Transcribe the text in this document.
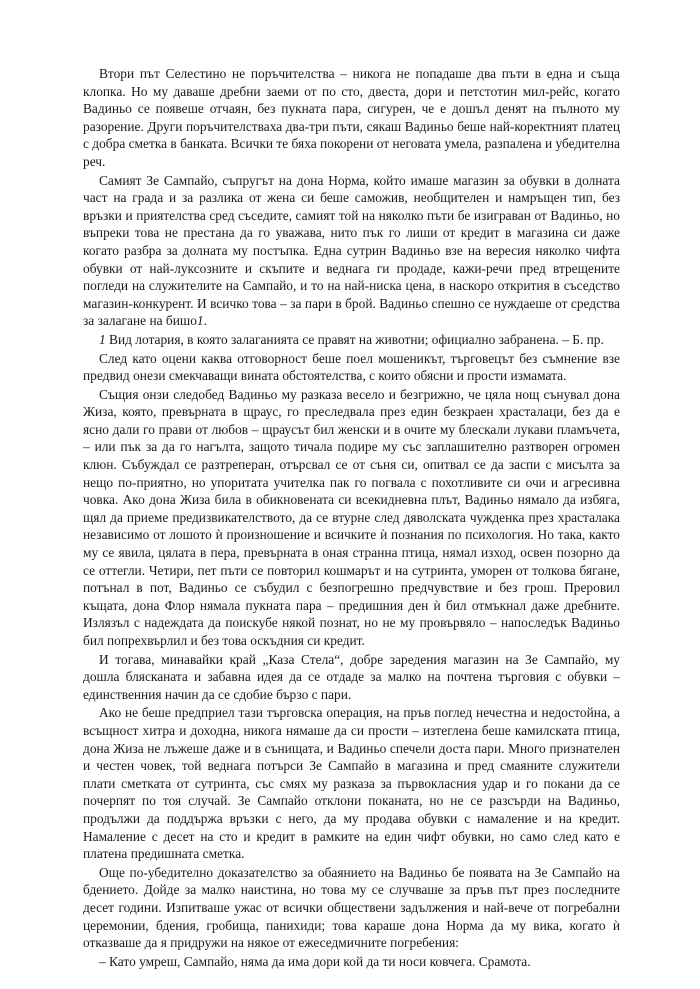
Втори път Селестино не поръчителства – никога не попадаше два пъти в една и съща клопка. Но му даваше дребни заеми от по сто, двеста, дори и петстотин мил-рейс, когато Вадиньо се появеше отчаян, без пукната пара, сигурен, че е дошъл денят на пълното му разорение. Други поръчителстваха два-три пъти, сякаш Вадиньо беше най-коректният платец с добра сметка в банката. Всички те бяха покорени от неговата умела, разпалена и убедителна реч.

Самият Зе Сампайо, съпругът на дона Норма, който имаше магазин за обувки в долната част на града и за разлика от жена си беше саможив, необщителен и намръщен тип, без връзки и приятелства сред съседите, самият той на няколко пъти бе изиграван от Вадиньо, но въпреки това не престана да го уважава, нито пък го лиши от кредит в магазина си даже когато разбра за долната му постъпка. Една сутрин Вадиньо взе на вересия няколко чифта обувки от най-луксозните и скъпите и веднага ги продаде, кажи-речи пред втрещените погледи на служителите на Сампайо, и то на най-ниска цена, в наскоро открития в съседство магазин-конкурент. И всичко това – за пари в брой. Вадиньо спешно се нуждаеше от средства за залагане на бишо1.

1 Вид лотария, в която залаганията се правят на животни; официално забранена. – Б. пр.

След като оцени каква отговорност беше поел мошеникът, търговецът без съмнение взе предвид онези смекчаващи вината обстоятелства, с които обясни и прости измамата.

Същия онзи следобед Вадиньо му разказа весело и безгрижно, че цяла нощ сънувал дона Жиза, която, превърната в щраус, го преследвала през един безкраен храсталаци, без да е ясно дали го прави от любов – щраусът бил женски и в очите му блескали лукави пламъчета, – или пък за да го нагълта, защото тичала подире му със заплашително разтворен огромен клюн. Събуждал се разтреперан, отърсвал се от съня си, опитвал се да заспи с мисълта за нещо по-приятно, но упоритата учителка пак го погвала с похотливите си очи и агресивна човка. Ако дона Жиза била в обикновената си всекидневна плът, Вадиньо нямало да избяга, щял да приеме предизвикателството, да се втурне след дяволската чужденка през храсталака независимо от лошото ѝ произношение и всичките ѝ познания по психология. Но така, както му се явила, цялата в пера, превърната в оная странна птица, нямал изход, освен позорно да се оттегли. Четири, пет пъти се повторил кошмарът и на сутринта, уморен от толкова бягане, потънал в пот, Вадиньо се събудил с безпогрешно предчувствие и без грош. Преровил къщата, дона Флор нямала пукната пара – предишния ден ѝ бил отмъкнал даже дребните. Излязъл с надеждата да поискубе някой познат, но не му провървяло – напоследък Вадиньо бил попрехвърлил и без това оскъдния си кредит.

И тогава, минавайки край „Каза Стела“, добре заредения магазин на Зе Сампайо, му дошла блясканата и забавна идея да се отдаде за малко на почтена търговия с обувки – единственния начин да се сдобие бързо с пари.

Ако не беше предприел тази търговска операция, на пръв поглед нечестна и недостойна, а всъщност хитра и доходна, никога нямаше да си прости – изтеглена беше камилската птица, дона Жиза не лъжеше даже и в сънищата, и Вадиньо спечели доста пари. Много признателен и честен човек, той веднага потърси Зе Сампайо в магазина и пред смаяните служители плати сметката от сутринта, със смях му разказа за първокласния удар и го покани да се почерпят по тоя случай. Зе Сампайо отклони поканата, но не се разсърди на Вадиньо, продължи да поддържа връзки с него, да му продава обувки с намаление и на кредит. Намаление с десет на сто и кредит в рамките на един чифт обувки, но само след като е платена предишната сметка.

Още по-убедително доказателство за обаянието на Вадиньо бе появата на Зе Сампайо на бдението. Дойде за малко наистина, но това му се случваше за пръв път през последните десет години. Изпитваше ужас от всички обществени задължения и най-вече от погребални церемонии, бдения, гробища, панихиди; това караше дона Норма да му вика, когато ѝ отказваше да я придружи на някое от ежеседмичните погребения:

– Като умреш, Сампайо, няма да има дори кой да ти носи ковчега. Срамота.
